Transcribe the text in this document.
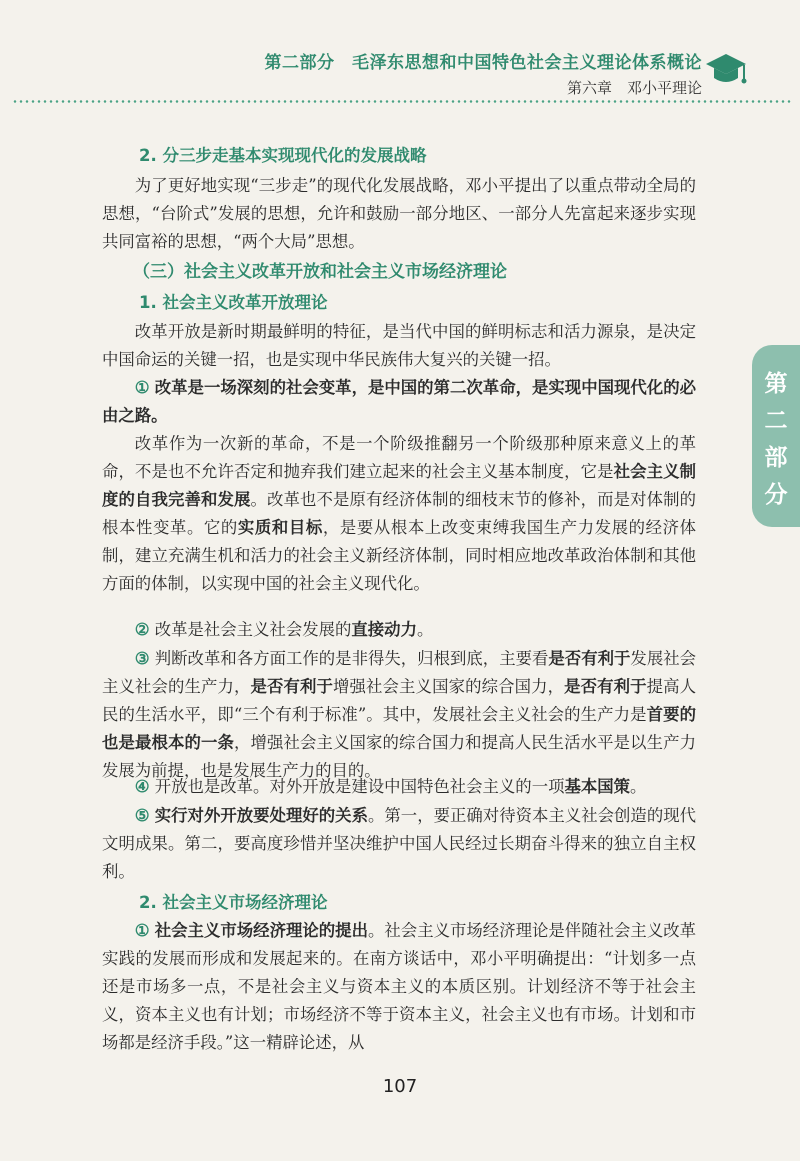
第二部分　毛泽东思想和中国特色社会主义理论体系概论
第六章　邓小平理论
第
二
部
分
2. 分三步走基本实现现代化的发展战略
为了更好地实现“三步走”的现代化发展战略，邓小平提出了以重点带动全局的思想，“台阶式”发展的思想，允许和鼓励一部分地区、一部分人先富起来逐步实现共同富裕的思想，“两个大局”思想。
（三）社会主义改革开放和社会主义市场经济理论
1. 社会主义改革开放理论
改革开放是新时期最鲜明的特征，是当代中国的鲜明标志和活力源泉，是决定中国命运的关键一招，也是实现中华民族伟大复兴的关键一招。
① 改革是一场深刻的社会变革，是中国的第二次革命，是实现中国现代化的必由之路。
改革作为一次新的革命，不是一个阶级推翻另一个阶级那种原来意义上的革命，不是也不允许否定和抛弃我们建立起来的社会主义基本制度，它是社会主义制度的自我完善和发展。改革也不是原有经济体制的细枝末节的修补，而是对体制的根本性变革。它的实质和目标，是要从根本上改变束缚我国生产力发展的经济体制，建立充满生机和活力的社会主义新经济体制，同时相应地改革政治体制和其他方面的体制，以实现中国的社会主义现代化。
② 改革是社会主义社会发展的直接动力。
③ 判断改革和各方面工作的是非得失，归根到底，主要看是否有利于发展社会主义社会的生产力，是否有利于增强社会主义国家的综合国力，是否有利于提高人民的生活水平，即“三个有利于标准”。其中，发展社会主义社会的生产力是首要的也是最根本的一条，增强社会主义国家的综合国力和提高人民生活水平是以生产力发展为前提，也是发展生产力的目的。
④ 开放也是改革。对外开放是建设中国特色社会主义的一项基本国策。
⑤ 实行对外开放要处理好的关系。第一，要正确对待资本主义社会创造的现代文明成果。第二，要高度珍惜并坚决维护中国人民经过长期奋斗得来的独立自主权利。
2. 社会主义市场经济理论
① 社会主义市场经济理论的提出。社会主义市场经济理论是伴随社会主义改革实践的发展而形成和发展起来的。在南方谈话中，邓小平明确提出：“计划多一点还是市场多一点，不是社会主义与资本主义的本质区别。计划经济不等于社会主义，资本主义也有计划；市场经济不等于资本主义，社会主义也有市场。计划和市场都是经济手段。”这一精辟论述，从
107
